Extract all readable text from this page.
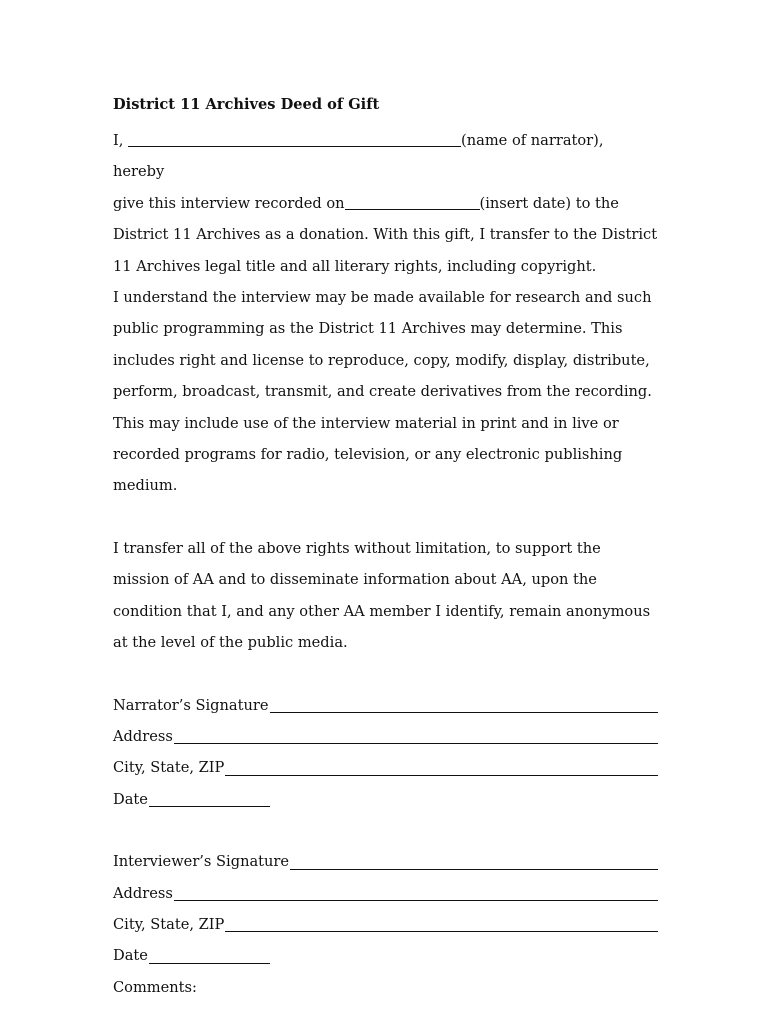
District 11 Archives Deed of Gift

I,	(name of narrator), hereby
give this interview recorded on	(insert date) to the District 11 Archives as a donation. With this gift, I transfer to the District 11 Archives legal title and all literary rights, including copyright.

I understand the interview may be made available for research and such public programming as the District 11 Archives may determine. This includes right and license to reproduce, copy, modify, display, distribute, perform, broadcast, transmit, and create derivatives from the recording. This may include use of the interview material in print and in live or recorded programs for radio, television, or any electronic publishing medium.

I transfer all of the above rights without limitation, to support the mission of AA and to disseminate information about AA, upon the condition that I, and any other AA member I identify, remain anonymous at the level of the public media.

Narrator’s Signature
Address
City, State, ZIP
Date
Interviewer’s Signature
Address
City, State, ZIP
Date
Comments:
